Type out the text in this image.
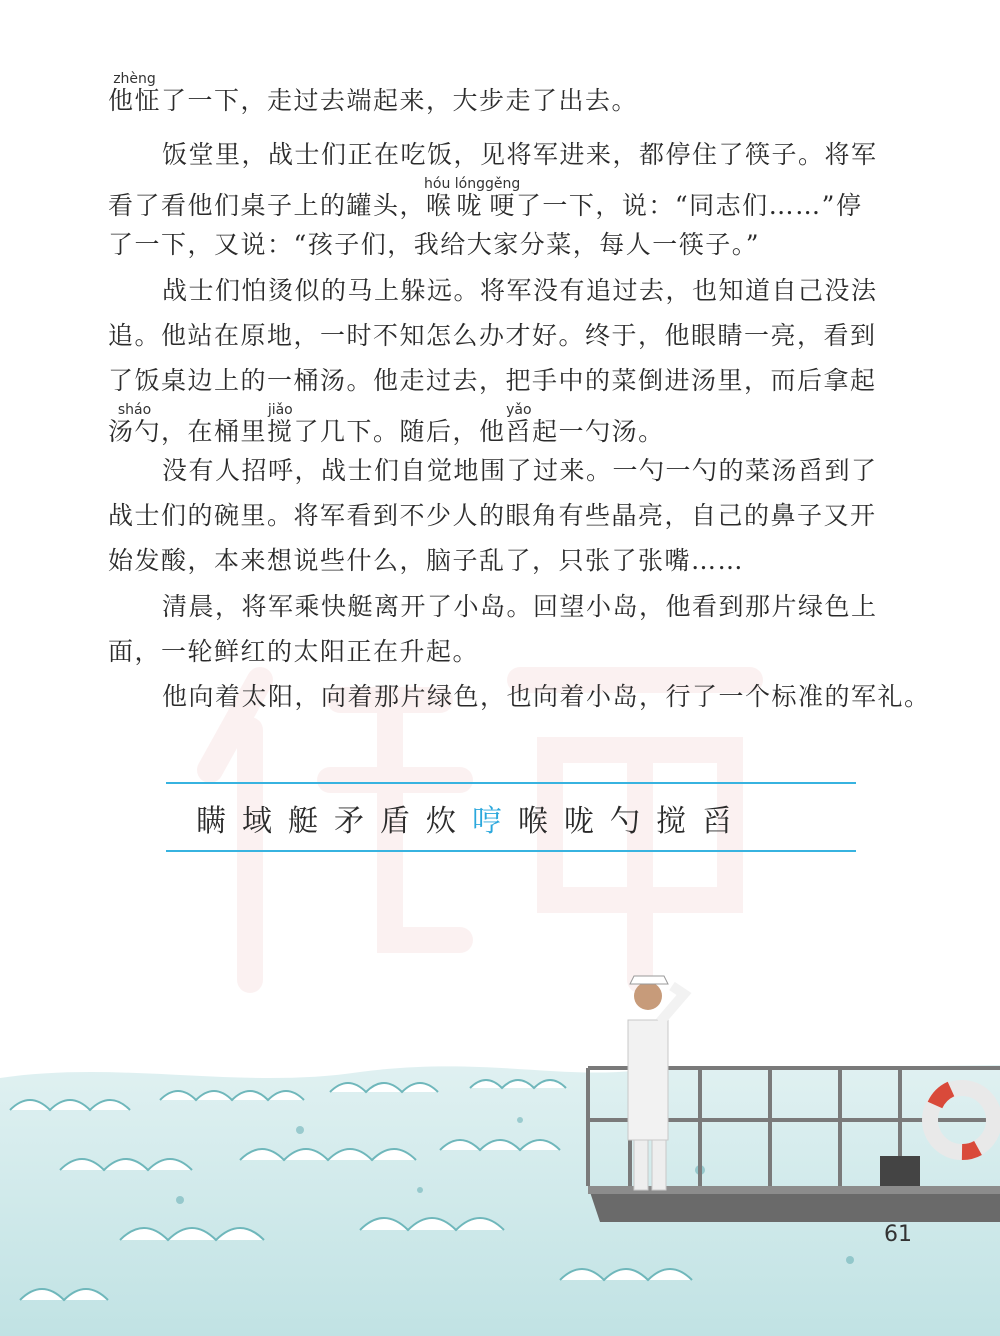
他怔zhèng了一下，走过去端起来，大步走了出去。
饭堂里，战士们正在吃饭，见将军进来，都停住了筷子。将军
看了看他们桌子上的罐头，喉咙hóu lóng哽gěng了一下，说：“同志们……”停
了一下，又说：“孩子们，我给大家分菜，每人一筷子。”
战士们怕烫似的马上躲远。将军没有追过去，也知道自己没法
追。他站在原地，一时不知怎么办才好。终于，他眼睛一亮，看到
了饭桌边上的一桶汤。他走过去，把手中的菜倒进汤里，而后拿起
汤勺sháo，在桶里搅jiǎo了几下。随后，他舀yǎo起一勺汤。
没有人招呼，战士们自觉地围了过来。一勺一勺的菜汤舀到了
战士们的碗里。将军看到不少人的眼角有些晶亮，自己的鼻子又开
始发酸，本来想说些什么，脑子乱了，只张了张嘴……
清晨，将军乘快艇离开了小岛。回望小岛，他看到那片绿色上
面，一轮鲜红的太阳正在升起。
他向着太阳，向着那片绿色，也向着小岛，行了一个标准的军礼。
瞒 域 艇 矛 盾 炊 哼 喉 咙 勺 搅 舀
61
